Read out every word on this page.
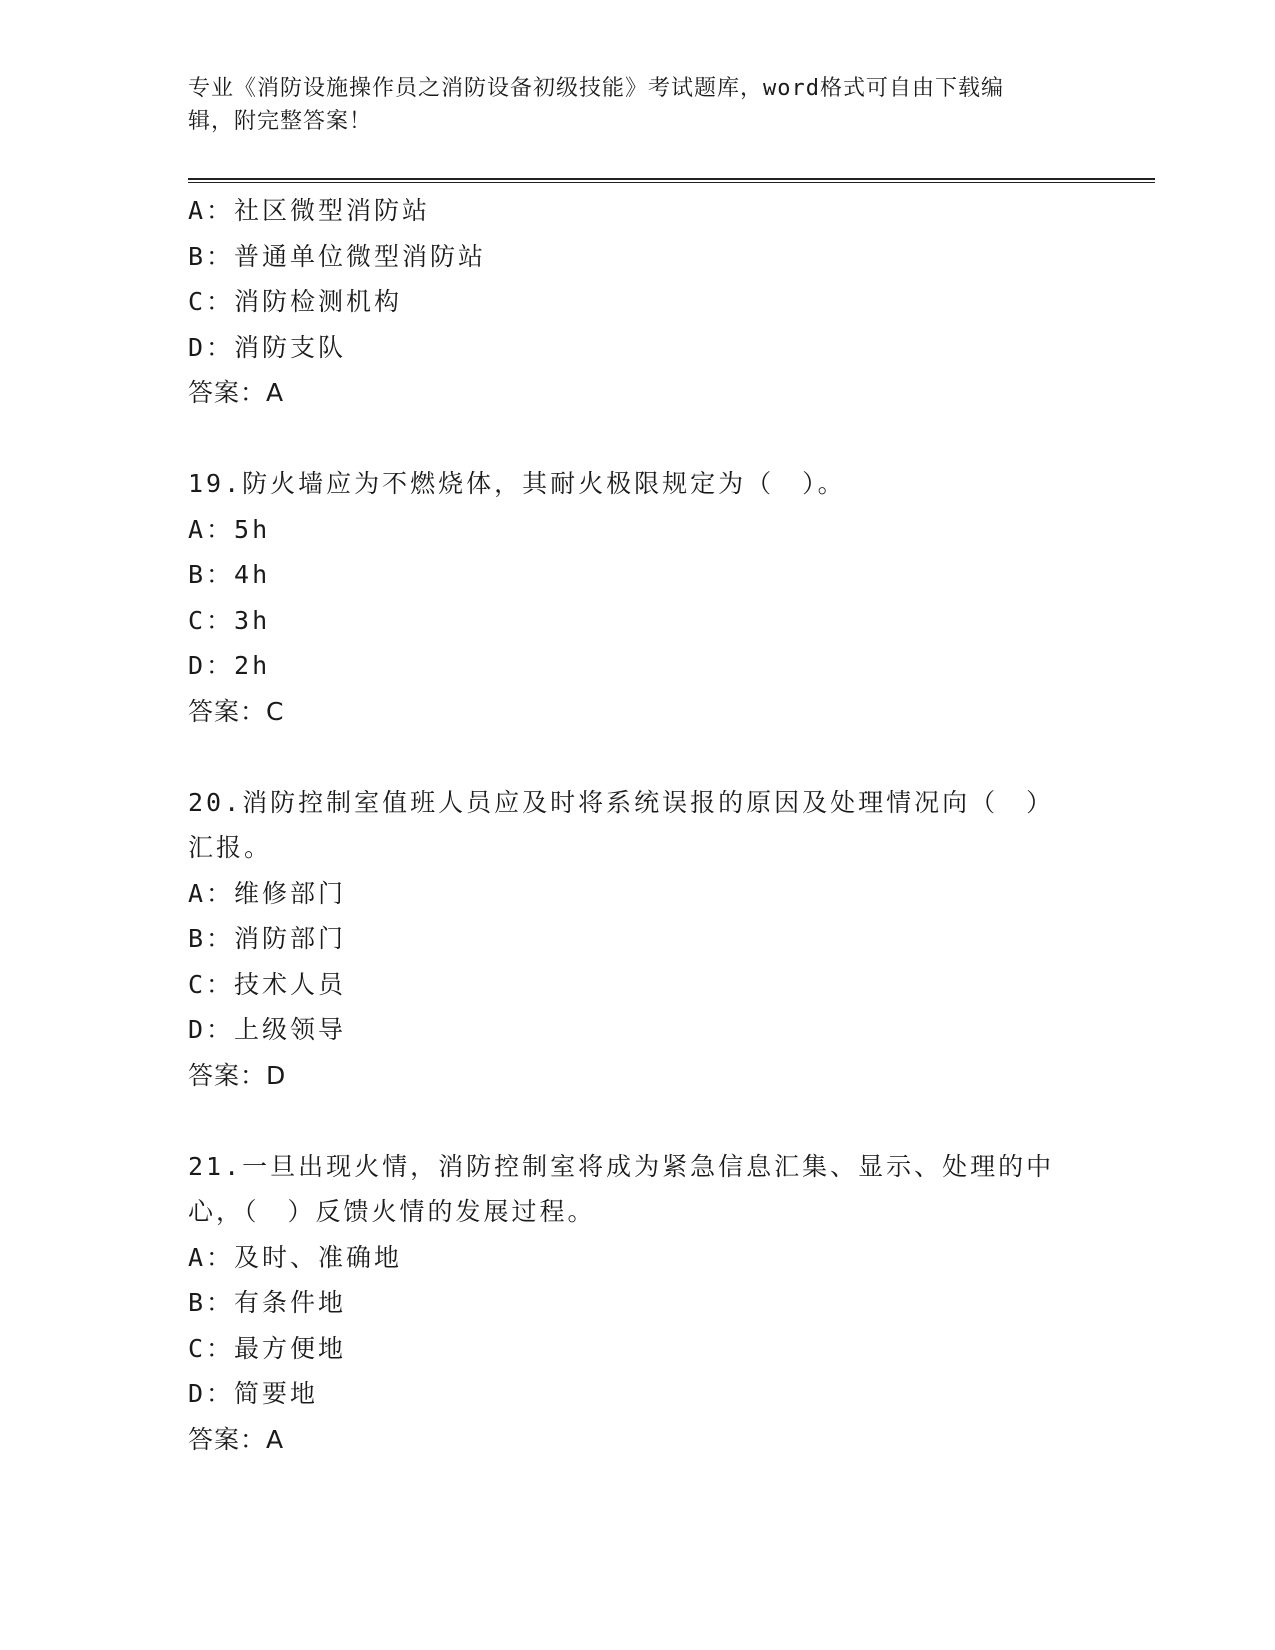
专业《消防设施操作员之消防设备初级技能》考试题库，word格式可自由下载编
辑，附完整答案！
A：社区微型消防站
B：普通单位微型消防站
C：消防检测机构
D：消防支队
答案：A
19.防火墙应为不燃烧体，其耐火极限规定为（　）。
A：5h
B：4h
C：3h
D：2h
答案：C
20.消防控制室值班人员应及时将系统误报的原因及处理情况向（　）
汇报。
A：维修部门
B：消防部门
C：技术人员
D：上级领导
答案：D
21.一旦出现火情，消防控制室将成为紧急信息汇集、显示、处理的中
心，（　）反馈火情的发展过程。
A：及时、准确地
B：有条件地
C：最方便地
D：简要地
答案：A
